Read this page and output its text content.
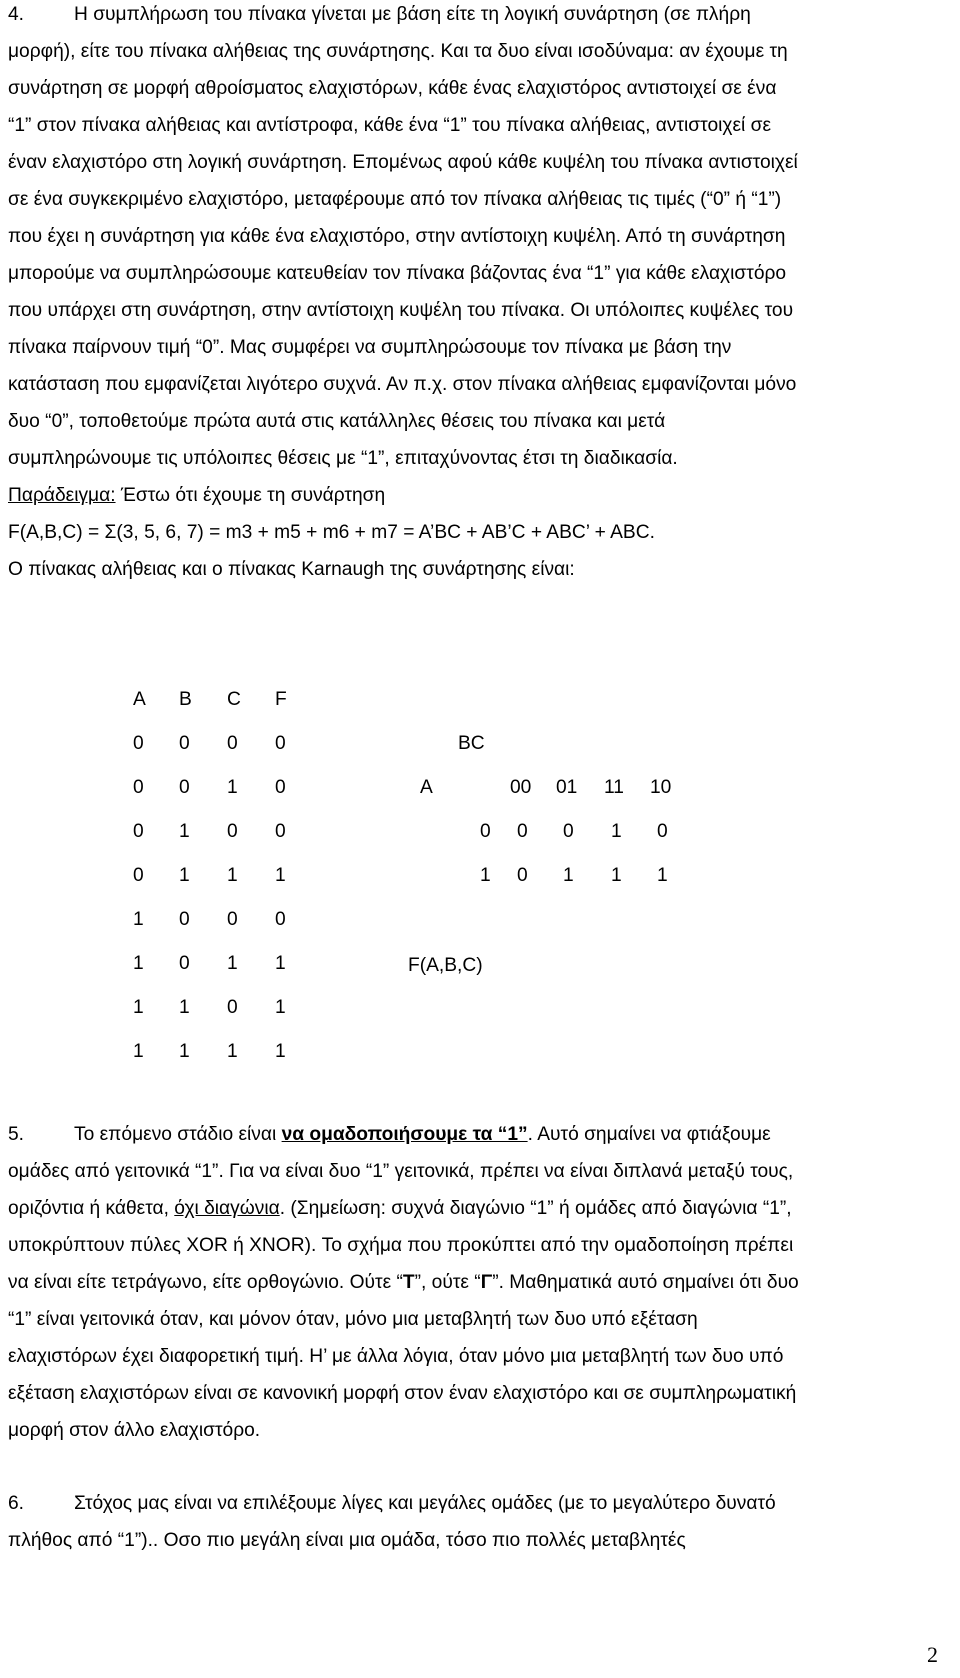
4.	Η συμπλήρωση του πίνακα γίνεται με βάση είτε τη λογική συνάρτηση (σε πλήρη
μορφή), είτε του πίνακα αλήθειας της συνάρτησης. Και τα δυο είναι ισοδύναμα: αν έχουμε τη
συνάρτηση σε μορφή αθροίσματος ελαχιστόρων, κάθε ένας ελαχιστόρος αντιστοιχεί σε ένα
“1” στον πίνακα αλήθειας και αντίστροφα, κάθε ένα “1” του πίνακα αλήθειας, αντιστοιχεί σε
έναν ελαχιστόρο στη λογική συνάρτηση. Επομένως αφού κάθε κυψέλη του πίνακα αντιστοιχεί
σε ένα συγκεκριμένο ελαχιστόρο, μεταφέρουμε από τον πίνακα αλήθειας τις τιμές (“0” ή “1”)
που έχει η συνάρτηση για κάθε ένα ελαχιστόρο, στην αντίστοιχη κυψέλη. Από τη συνάρτηση
μπορούμε να συμπληρώσουμε κατευθείαν τον πίνακα βάζοντας ένα “1” για κάθε ελαχιστόρο
που υπάρχει στη συνάρτηση, στην αντίστοιχη κυψέλη του πίνακα. Οι υπόλοιπες κυψέλες του
πίνακα παίρνουν τιμή “0”. Μας συμφέρει να συμπληρώσουμε τον πίνακα με βάση την
κατάσταση που εμφανίζεται λιγότερο συχνά. Αν π.χ. στον πίνακα αλήθειας εμφανίζονται μόνο
δυο “0”, τοποθετούμε πρώτα αυτά στις κατάλληλες θέσεις του πίνακα και μετά
συμπληρώνουμε τις υπόλοιπες θέσεις με “1”, επιταχύνοντας έτσι τη διαδικασία.
Παράδειγμα: Έστω ότι έχουμε τη συνάρτηση
F(A,B,C) = Σ(3, 5, 6, 7) = m3 + m5 + m6 + m7 = A’BC + AB’C + ABC’ + ABC.
Ο πίνακας αλήθειας και ο πίνακας Karnaugh της συνάρτησης είναι:
A B C F
0 0 0 0
0 0 1 0
0 1 0 0
0 1 1 1
1 0 0 0
1 0 1 1
1 1 0 1
1 1 1 1
BC
A	00 01 11 10
0 0 0 1 0
1 0 1 1 1
F(A,B,C)
5.	Το επόμενο στάδιο είναι να ομαδοποιήσουμε τα “1”. Αυτό σημαίνει να φτιάξουμε
ομάδες από γειτονικά “1”. Για να είναι δυο “1” γειτονικά, πρέπει να είναι διπλανά μεταξύ τους,
οριζόντια ή κάθετα, όχι διαγώνια. (Σημείωση: συχνά διαγώνιο “1” ή ομάδες από διαγώνια “1”,
υποκρύπτουν πύλες XOR ή XNOR). Το σχήμα που προκύπτει από την ομαδοποίηση πρέπει
να είναι είτε τετράγωνο, είτε ορθογώνιο. Ούτε “Τ”, ούτε “Γ”. Μαθηματικά αυτό σημαίνει ότι δυο
“1” είναι γειτονικά όταν, και μόνον όταν, μόνο μια μεταβλητή των δυο υπό εξέταση
ελαχιστόρων έχει διαφορετική τιμή. Η’ με άλλα λόγια, όταν μόνο μια μεταβλητή των δυο υπό
εξέταση ελαχιστόρων είναι σε κανονική μορφή στον έναν ελαχιστόρο και σε συμπληρωματική
μορφή στον άλλο ελαχιστόρο.
6.	Στόχος μας είναι να επιλέξουμε λίγες και μεγάλες ομάδες (με το μεγαλύτερο δυνατό
πλήθος από “1”).. Οσο πιο μεγάλη είναι μια ομάδα, τόσο πιο πολλές μεταβλητές
2
